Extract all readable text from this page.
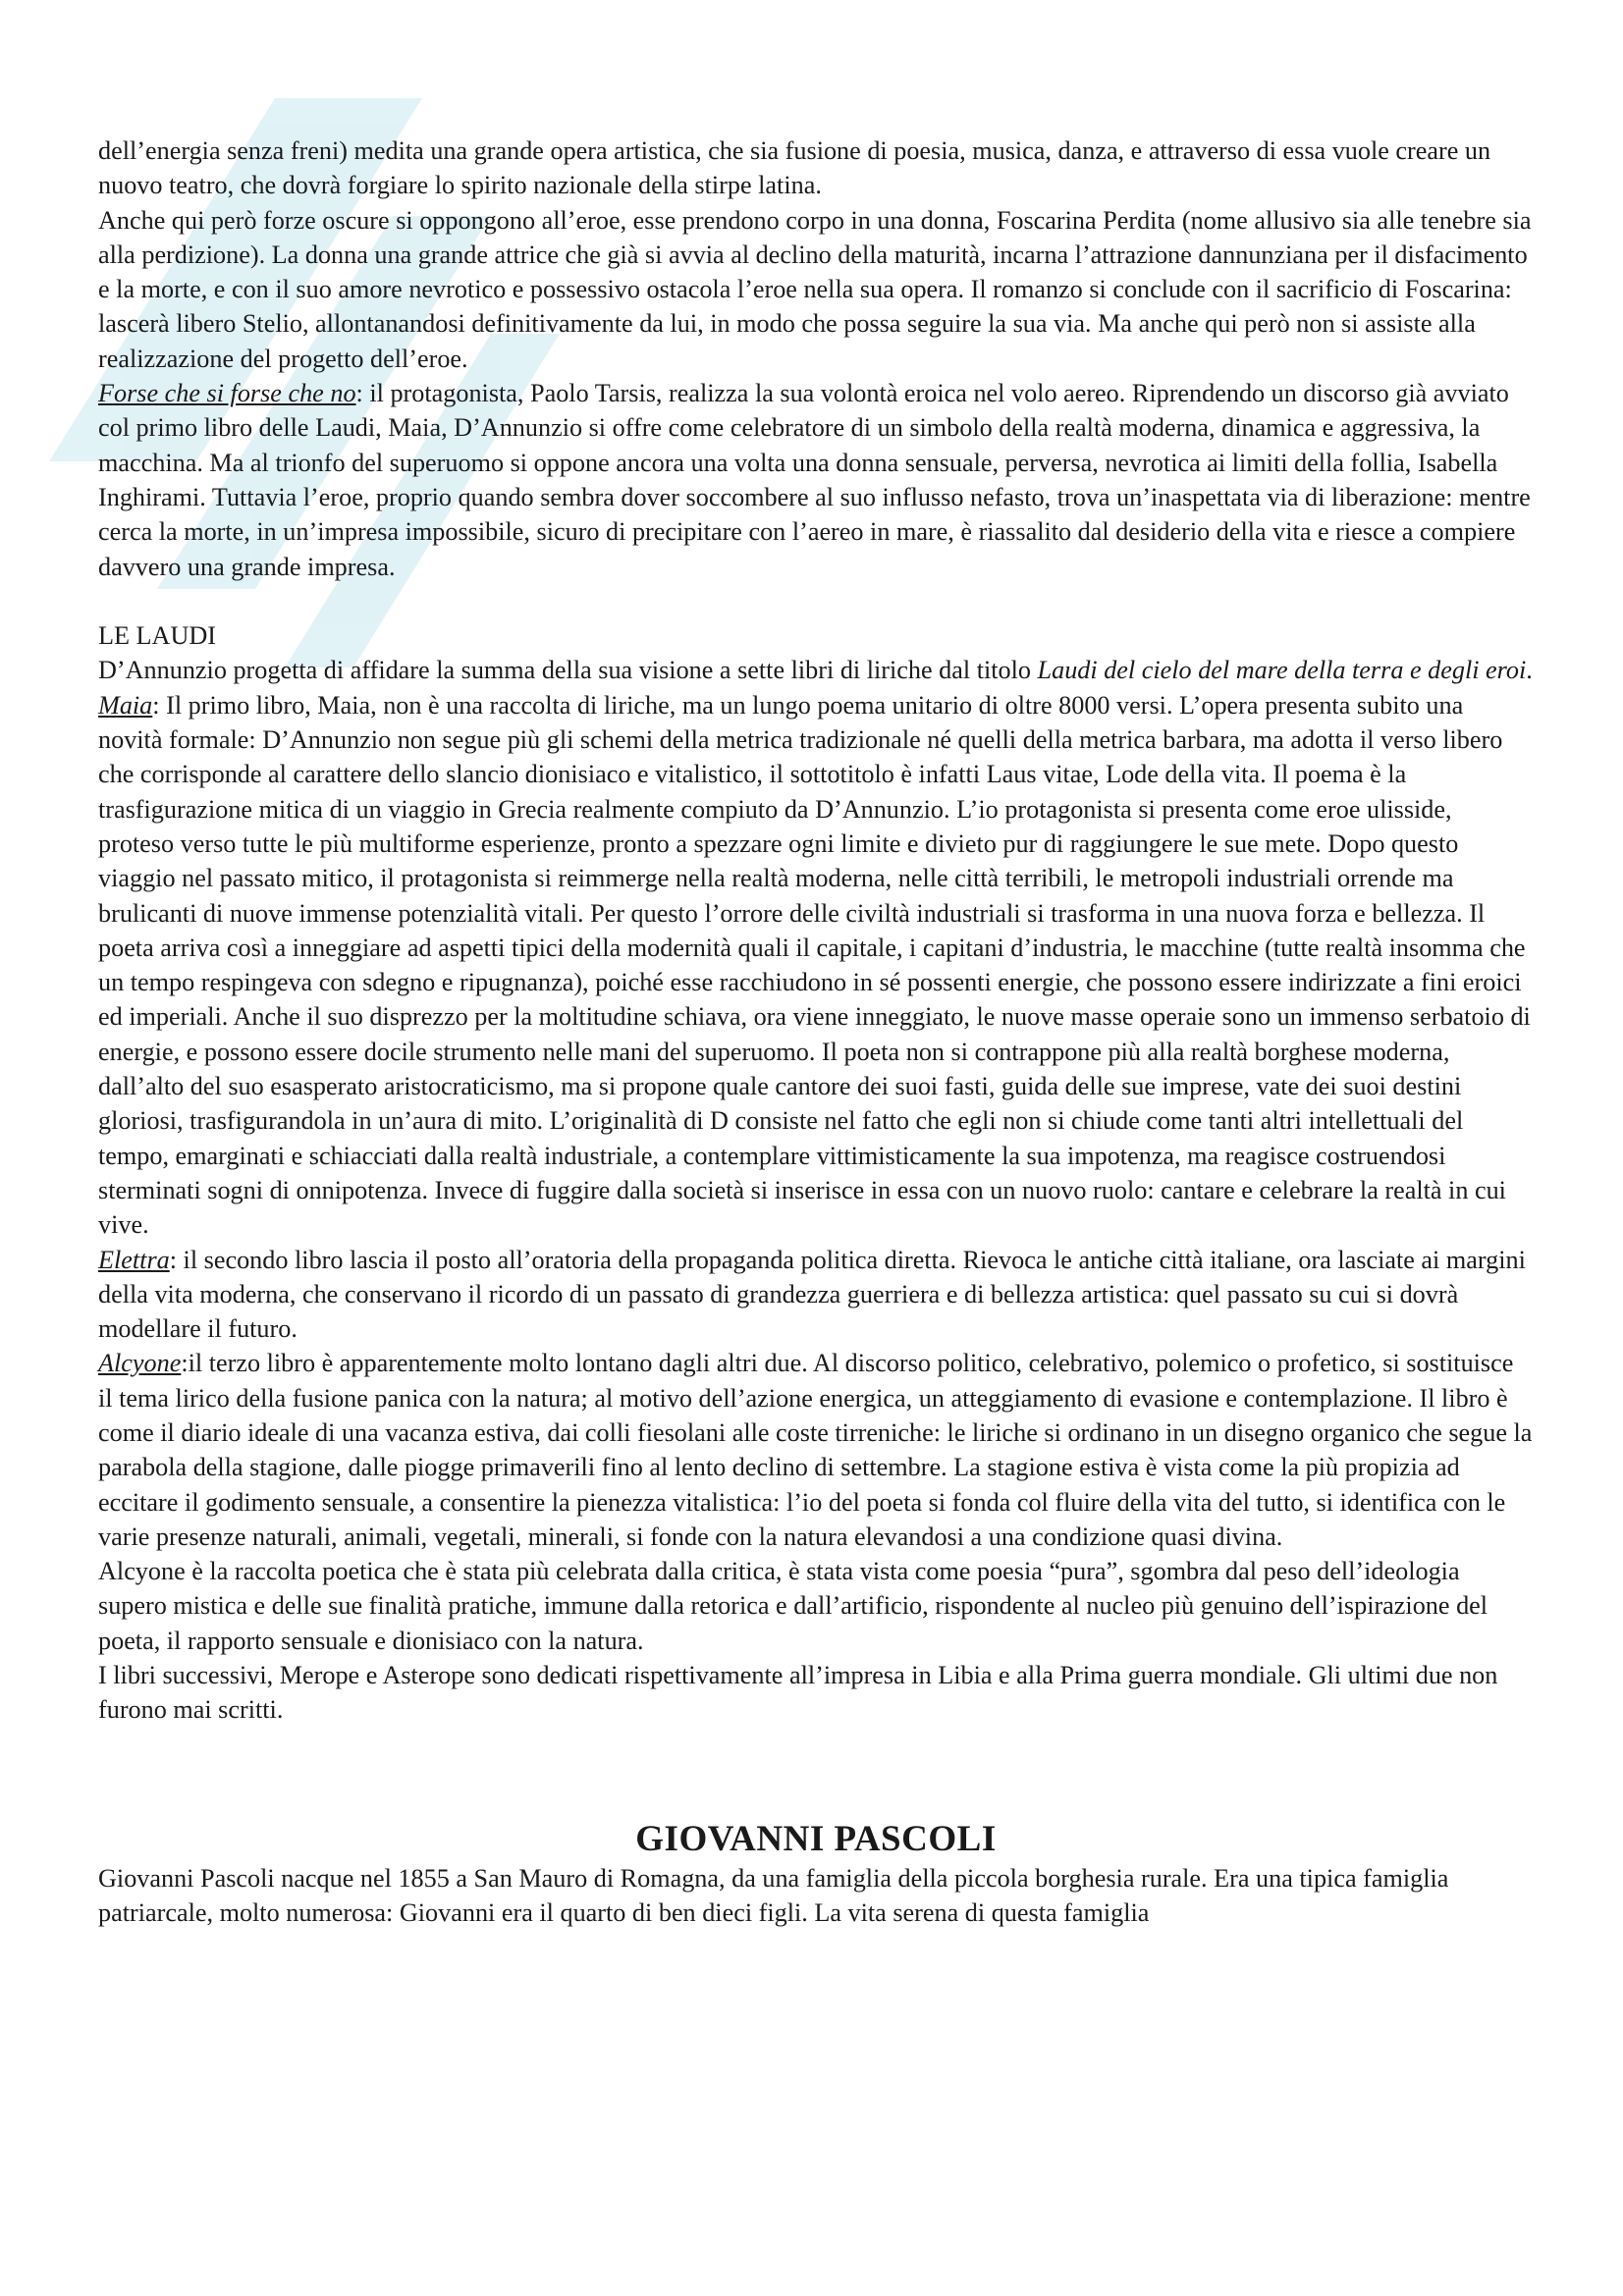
dell’energia senza freni) medita una grande opera artistica, che sia fusione di poesia, musica, danza, e attraverso di essa vuole creare un nuovo teatro, che dovrà forgiare lo spirito nazionale della stirpe latina.

Anche qui però forze oscure si oppongono all’eroe, esse prendono corpo in una donna, Foscarina Perdita (nome allusivo sia alle tenebre sia alla perdizione). La donna una grande attrice che già si avvia al declino della maturità, incarna l’attrazione dannunziana per il disfacimento e la morte, e con il suo amore nevrotico e possessivo ostacola l’eroe nella sua opera. Il romanzo si conclude con il sacrificio di Foscarina: lascerà libero Stelio, allontanandosi definitivamente da lui, in modo che possa seguire la sua via. Ma anche qui però non si assiste alla realizzazione del progetto dell’eroe.

Forse che si forse che no: il protagonista, Paolo Tarsis, realizza la sua volontà eroica nel volo aereo. Riprendendo un discorso già avviato col primo libro delle Laudi, Maia, D’Annunzio si offre come celebratore di un simbolo della realtà moderna, dinamica e aggressiva, la macchina. Ma al trionfo del superuomo si oppone ancora una volta una donna sensuale, perversa, nevrotica ai limiti della follia, Isabella Inghirami. Tuttavia l’eroe, proprio quando sembra dover soccombere al suo influsso nefasto, trova un’inaspettata via di liberazione: mentre cerca la morte, in un’impresa impossibile, sicuro di precipitare con l’aereo in mare, è riassalito dal desiderio della vita e riesce a compiere davvero una grande impresa.

LE LAUDI

D’Annunzio progetta di affidare la summa della sua visione a sette libri di liriche dal titolo Laudi del cielo del mare della terra e degli eroi.

Maia: Il primo libro, Maia, non è una raccolta di liriche, ma un lungo poema unitario di oltre 8000 versi. L’opera presenta subito una novità formale: D’Annunzio non segue più gli schemi della metrica tradizionale né quelli della metrica barbara, ma adotta il verso libero che corrisponde al carattere dello slancio dionisiaco e vitalistico, il sottotitolo è infatti Laus vitae, Lode della vita. Il poema è la trasfigurazione mitica di un viaggio in Grecia realmente compiuto da D’Annunzio. L’io protagonista si presenta come eroe ulisside, proteso verso tutte le più multiforme esperienze, pronto a spezzare ogni limite e divieto pur di raggiungere le sue mete. Dopo questo viaggio nel passato mitico, il protagonista si reimmerge nella realtà moderna, nelle città terribili, le metropoli industriali orrende ma brulicanti di nuove immense potenzialità vitali. Per questo l’orrore delle civiltà industriali si trasforma in una nuova forza e bellezza. Il poeta arriva così a inneggiare ad aspetti tipici della modernità quali il capitale, i capitani d’industria, le macchine (tutte realtà insomma che un tempo respingeva con sdegno e ripugnanza), poiché esse racchiudono in sé possenti energie, che possono essere indirizzate a fini eroici ed imperiali. Anche il suo disprezzo per la moltitudine schiava, ora viene inneggiato, le nuove masse operaie sono un immenso serbatoio di energie, e possono essere docile strumento nelle mani del superuomo. Il poeta non si contrappone più alla realtà borghese moderna, dall’alto del suo esasperato aristocraticismo, ma si propone quale cantore dei suoi fasti, guida delle sue imprese, vate dei suoi destini gloriosi, trasfigurandola in un’aura di mito. L’originalità di D consiste nel fatto che egli non si chiude come tanti altri intellettuali del tempo, emarginati e schiacciati dalla realtà industriale, a contemplare vittimisticamente la sua impotenza, ma reagisce costruendosi sterminati sogni di onnipotenza. Invece di fuggire dalla società si inserisce in essa con un nuovo ruolo: cantare e celebrare la realtà in cui vive.

Elettra: il secondo libro lascia il posto all’oratoria della propaganda politica diretta. Rievoca le antiche città italiane, ora lasciate ai margini della vita moderna, che conservano il ricordo di un passato di grandezza guerriera e di bellezza artistica: quel passato su cui si dovrà modellare il futuro.

Alcyone:il terzo libro è apparentemente molto lontano dagli altri due. Al discorso politico, celebrativo, polemico o profetico, si sostituisce il tema lirico della fusione panica con la natura; al motivo dell’azione energica, un atteggiamento di evasione e contemplazione. Il libro è come il diario ideale di una vacanza estiva, dai colli fiesolani alle coste tirreniche: le liriche si ordinano in un disegno organico che segue la parabola della stagione, dalle piogge primaverili fino al lento declino di settembre. La stagione estiva è vista come la più propizia ad eccitare il godimento sensuale, a consentire la pienezza vitalistica: l’io del poeta si fonda col fluire della vita del tutto, si identifica con le varie presenze naturali, animali, vegetali, minerali, si fonde con la natura elevandosi a una condizione quasi divina.

Alcyone è la raccolta poetica che è stata più celebrata dalla critica, è stata vista come poesia “pura”, sgombra dal peso dell’ideologia supero mistica e delle sue finalità pratiche, immune dalla retorica e dall’artificio, rispondente al nucleo più genuino dell’ispirazione del poeta, il rapporto sensuale e dionisiaco con la natura.

I libri successivi, Merope e Asterope sono dedicati rispettivamente all’impresa in Libia e alla Prima guerra mondiale. Gli ultimi due non furono mai scritti.

GIOVANNI PASCOLI

Giovanni Pascoli nacque nel 1855 a San Mauro di Romagna, da una famiglia della piccola borghesia rurale. Era una tipica famiglia patriarcale, molto numerosa: Giovanni era il quarto di ben dieci figli. La vita serena di questa famiglia
